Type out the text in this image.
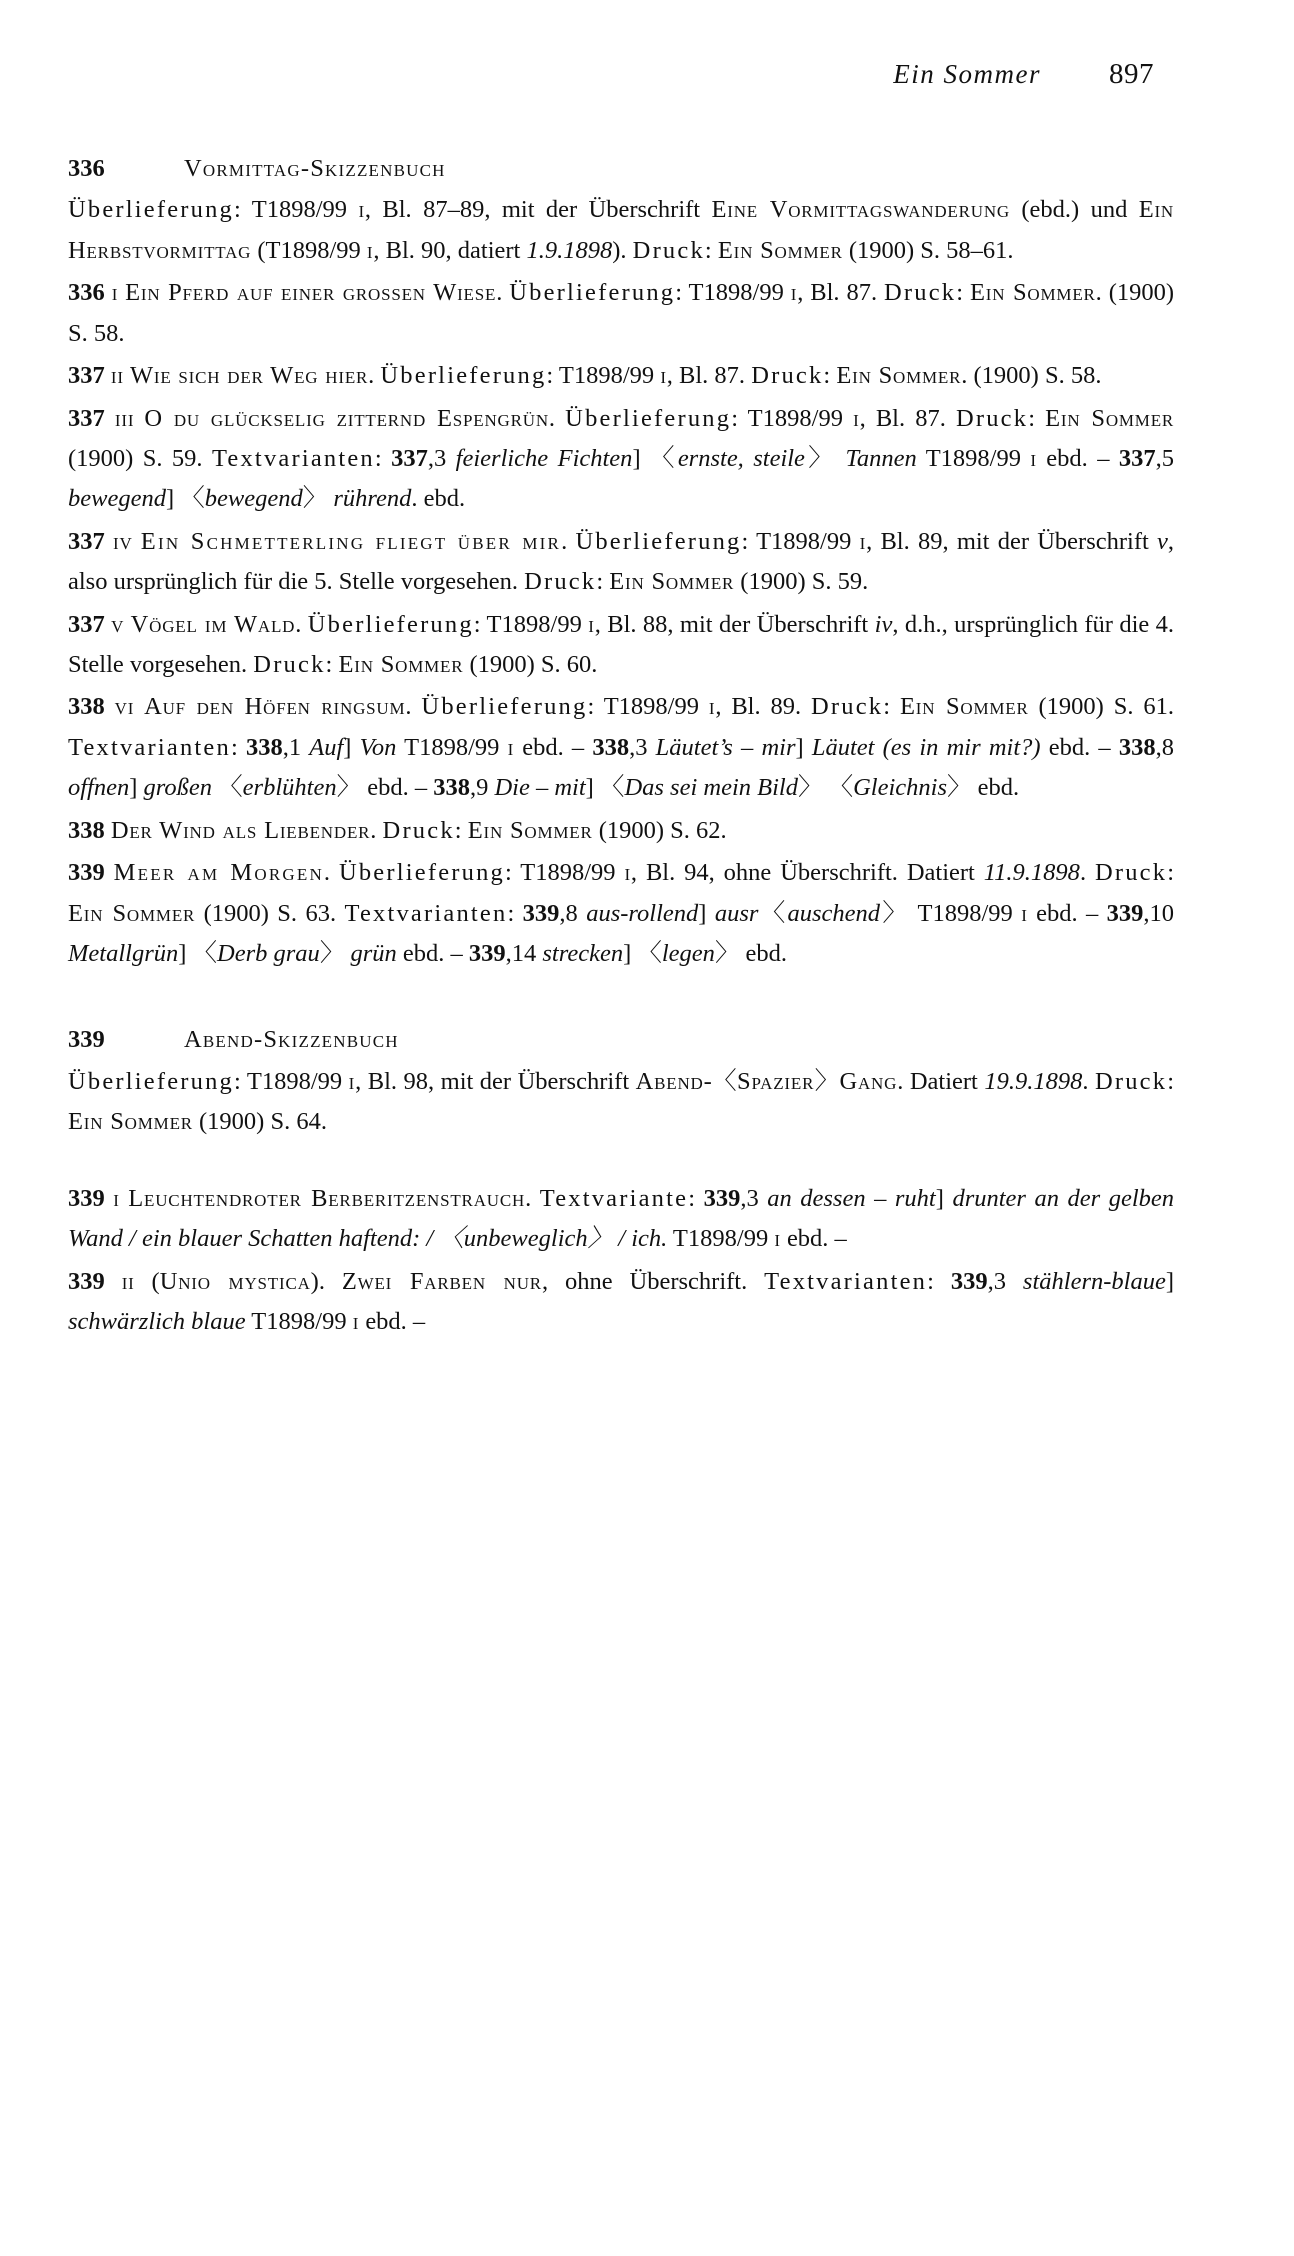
Ein Sommer 897
336	Vormittag-Skizzenbuch
Überlieferung: T1898/99 i, Bl. 87–89, mit der Überschrift Eine Vormittagswanderung (ebd.) und Ein Herbstvormittag (T1898/99 i, Bl. 90, datiert 1.9.1898). Druck: Ein Sommer (1900) S. 58–61.
336 i Ein Pferd auf einer grossen Wiese. Überlieferung: T1898/99 i, Bl. 87. Druck: Ein Sommer. (1900) S. 58.
337 ii Wie sich der Weg hier. Überlieferung: T1898/99 i, Bl. 87. Druck: Ein Sommer. (1900) S. 58.
337 iii O du glückselig zitternd Espengrün. Überlieferung: T1898/99 i, Bl. 87. Druck: Ein Sommer (1900) S. 59. Textvarianten: 337,3 feierliche Fichten] 〈ernste, steile〉 Tannen T1898/99 i ebd. – 337,5 bewegend] 〈bewegend〉 rührend. ebd.
337 iv Ein Schmetterling fliegt über mir. Überlieferung: T1898/99 i, Bl. 89, mit der Überschrift v, also ursprünglich für die 5. Stelle vorgesehen. Druck: Ein Sommer (1900) S. 59.
337 v Vögel im Wald. Überlieferung: T1898/99 i, Bl. 88, mit der Überschrift iv, d.h., ursprünglich für die 4. Stelle vorgesehen. Druck: Ein Sommer (1900) S. 60.
338 vi Auf den Höfen ringsum. Überlieferung: T1898/99 i, Bl. 89. Druck: Ein Sommer (1900) S. 61. Textvarianten: 338,1 Auf] Von T1898/99 i ebd. – 338,3 Läutet’s – mir] Läutet (es in mir mit?) ebd. – 338,8 offnen] großen 〈erblühten〉 ebd. – 338,9 Die – mit] 〈Das sei mein Bild〉 〈Gleichnis〉 ebd.
338 Der Wind als Liebender. Druck: Ein Sommer (1900) S. 62.
339 Meer am Morgen. Überlieferung: T1898/99 i, Bl. 94, ohne Überschrift. Datiert 11.9.1898. Druck: Ein Sommer (1900) S. 63. Textvarianten: 339,8 aus-rollend] ausr〈auschend〉 T1898/99 i ebd. – 339,10 Metallgrün] 〈Derb grau〉 grün ebd. – 339,14 strecken] 〈legen〉 ebd.
339	Abend-Skizzenbuch
Überlieferung: T1898/99 i, Bl. 98, mit der Überschrift Abend-〈Spazier〉Gang. Datiert 19.9.1898. Druck: Ein Sommer (1900) S. 64.
339 i Leuchtendroter Berberitzenstrauch. Textvariante: 339,3 an dessen – ruht] drunter an der gelben Wand / ein blauer Schatten haftend: / 〈unbeweglich〉 / ich. T1898/99 i ebd. –
339 ii (Unio mystica). Zwei Farben nur, ohne Überschrift. Textvarianten: 339,3 stählern-blaue] schwärzlich blaue T1898/99 i ebd. –
